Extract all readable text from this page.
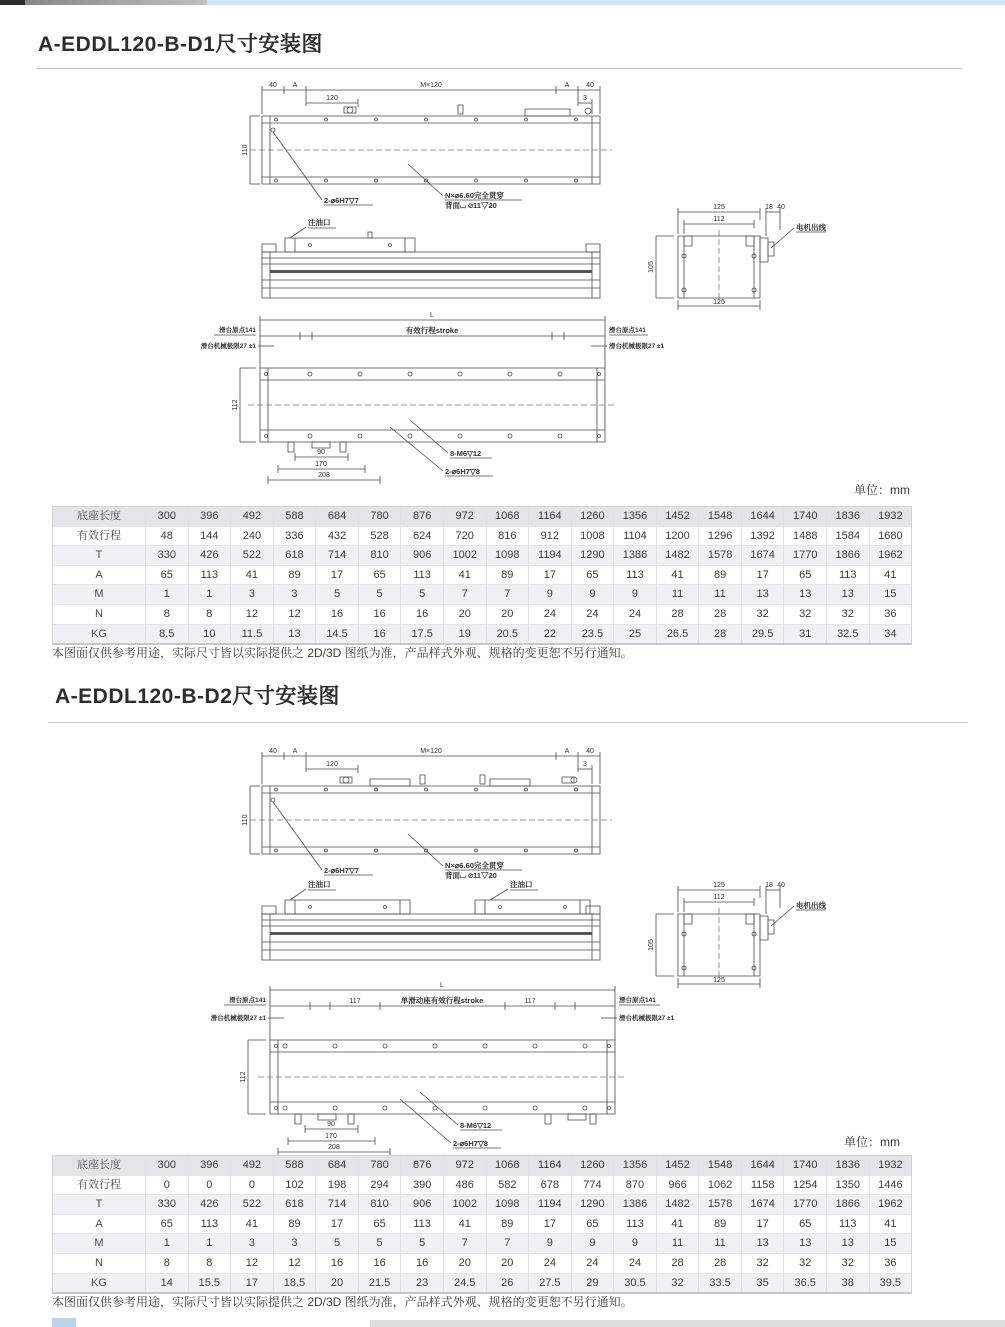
A-EDDL120-B-D1尺寸安装图
40 A	M×120	A 40
120	3
110
2-⌀6H7▽7
N×⌀6.60完全贯穿
背面⌴ ⌀11▽20	125
112
18 40
105
125
电机出线
注油口
L
有效行程stroke
滑台原点141
滑台机械极限27 ±1
滑台原点141
滑台机械极限27 ±1
112
90
170
208
8-M6▽12
2-⌀6H7▽8
单位：mm
底座长度	300	396	492	588	684	780	876	972	1068	1164	1260	1356	1452	1548	1644	1740	1836	1932
有效行程	48	144	240	336	432	528	624	720	816	912	1008	1104	1200	1296	1392	1488	1584	1680
T	330	426	522	618	714	810	906	1002	1098	1194	1290	1386	1482	1578	1674	1770	1866	1962
A	65	113	41	89	17	65	113	41	89	17	65	113	41	89	17	65	113	41
M	1	1	3	3	5	5	5	7	7	9	9	9	11	11	13	13	13	15
N	8	8	12	12	16	16	16	20	20	24	24	24	28	28	32	32	32	36
KG	8.5	10	11.5	13	14.5	16	17.5	19	20.5	22	23.5	25	26.5	28	29.5	31	32.5	34
本图面仅供参考用途，实际尺寸皆以实际提供之 2D/3D 图纸为准，产品样式外观、规格的变更恕不另行通知。
A-EDDL120-B-D2尺寸安装图
40 A	M×120	A 40
120	3
110
2-⌀6H7▽7
N×⌀6.60完全贯穿
背面⌴ ⌀11▽20
注油口	注油口	125
112
18 40
105
125
电机出线
L
117	单滑动座有效行程stroke	117
滑台原点141
滑台机械极限27 ±1
滑台原点141
滑台机械极限27 ±1
112
90
170
208
8-M6▽12
2-⌀6H7▽8	单位：mm
底座长度	300	396	492	588	684	780	876	972	1068	1164	1260	1356	1452	1548	1644	1740	1836	1932
有效行程	0	0	0	102	198	294	390	486	582	678	774	870	966	1062	1158	1254	1350	1446
T	330	426	522	618	714	810	906	1002	1098	1194	1290	1386	1482	1578	1674	1770	1866	1962
A	65	113	41	89	17	65	113	41	89	17	65	113	41	89	17	65	113	41
M	1	1	3	3	5	5	5	7	7	9	9	9	11	11	13	13	13	15
N	8	8	12	12	16	16	16	20	20	24	24	24	28	28	32	32	32	36
KG	14	15.5	17	18.5	20	21.5	23	24.5	26	27.5	29	30.5	32	33.5	35	36.5	38	39.5
本图面仅供参考用途，实际尺寸皆以实际提供之 2D/3D 图纸为准，产品样式外观、规格的变更恕不另行通知。
